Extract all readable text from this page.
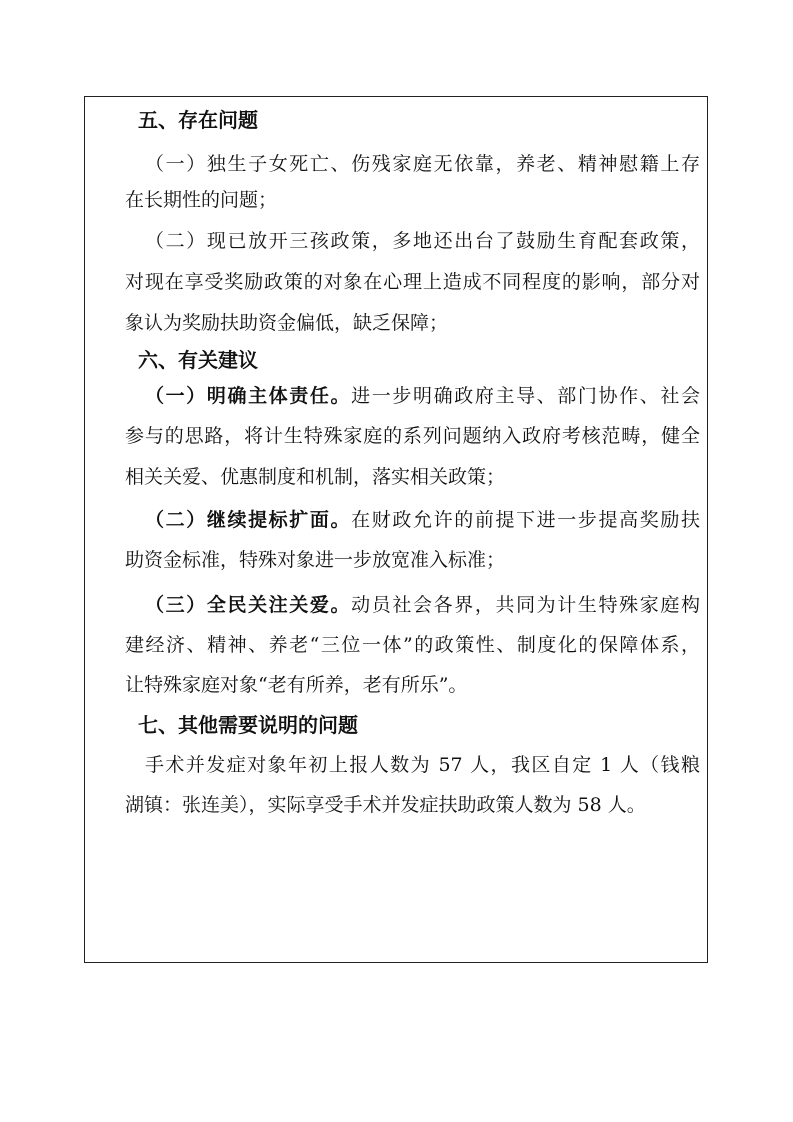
五、存在问题
（一）独生子女死亡、伤残家庭无依靠，养老、精神慰籍上存
在长期性的问题；
（二）现已放开三孩政策，多地还出台了鼓励生育配套政策，
对现在享受奖励政策的对象在心理上造成不同程度的影响，部分对
象认为奖励扶助资金偏低，缺乏保障；
六、有关建议
（一）明确主体责任。进一步明确政府主导、部门协作、社会
参与的思路，将计生特殊家庭的系列问题纳入政府考核范畴，健全
相关关爱、优惠制度和机制，落实相关政策；
（二）继续提标扩面。在财政允许的前提下进一步提高奖励扶
助资金标准，特殊对象进一步放宽准入标准；
（三）全民关注关爱。动员社会各界，共同为计生特殊家庭构
建经济、精神、养老“三位一体”的政策性、制度化的保障体系，
让特殊家庭对象“老有所养，老有所乐”。
七、其他需要说明的问题
手术并发症对象年初上报人数为 57 人，我区自定 1 人（钱粮
湖镇：张连美），实际享受手术并发症扶助政策人数为 58 人。
